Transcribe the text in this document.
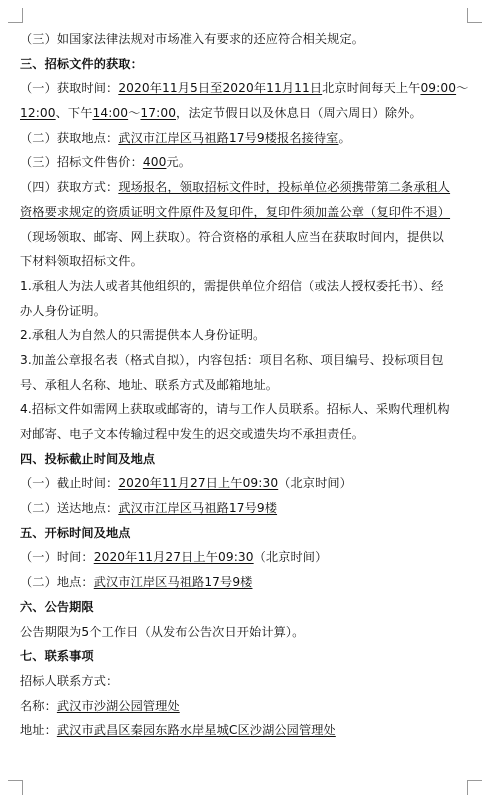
（三）如国家法律法规对市场准入有要求的还应符合相关规定。
三、招标文件的获取：
（一）获取时间：2020年11月5日至2020年11月11日北京时间每天上午09:00～
12:00、下午14:00～17:00，法定节假日以及休息日（周六周日）除外。
（二）获取地点：武汉市江岸区马祖路17号9楼报名接待室。
（三）招标文件售价：400元。
（四）获取方式：现场报名，领取招标文件时，投标单位必须携带第二条承租人
资格要求规定的资质证明文件原件及复印件，复印件须加盖公章（复印件不退）
（现场领取、邮寄、网上获取）。符合资格的承租人应当在获取时间内，提供以
下材料领取招标文件。
1.承租人为法人或者其他组织的，需提供单位介绍信（或法人授权委托书）、经
办人身份证明。
2.承租人为自然人的只需提供本人身份证明。
3.加盖公章报名表（格式自拟），内容包括：项目名称、项目编号、投标项目包
号、承租人名称、地址、联系方式及邮箱地址。
4.招标文件如需网上获取或邮寄的，请与工作人员联系。招标人、采购代理机构
对邮寄、电子文本传输过程中发生的迟交或遗失均不承担责任。
四、投标截止时间及地点
（一）截止时间：2020年11月27日上午09:30（北京时间）
（二）送达地点：武汉市江岸区马祖路17号9楼
五、开标时间及地点
（一）时间：2020年11月27日上午09:30（北京时间）
（二）地点：武汉市江岸区马祖路17号9楼
六、公告期限
公告期限为5个工作日（从发布公告次日开始计算）。
七、联系事项
招标人联系方式：
名称：武汉市沙湖公园管理处
地址：武汉市武昌区秦园东路水岸星城C区沙湖公园管理处
